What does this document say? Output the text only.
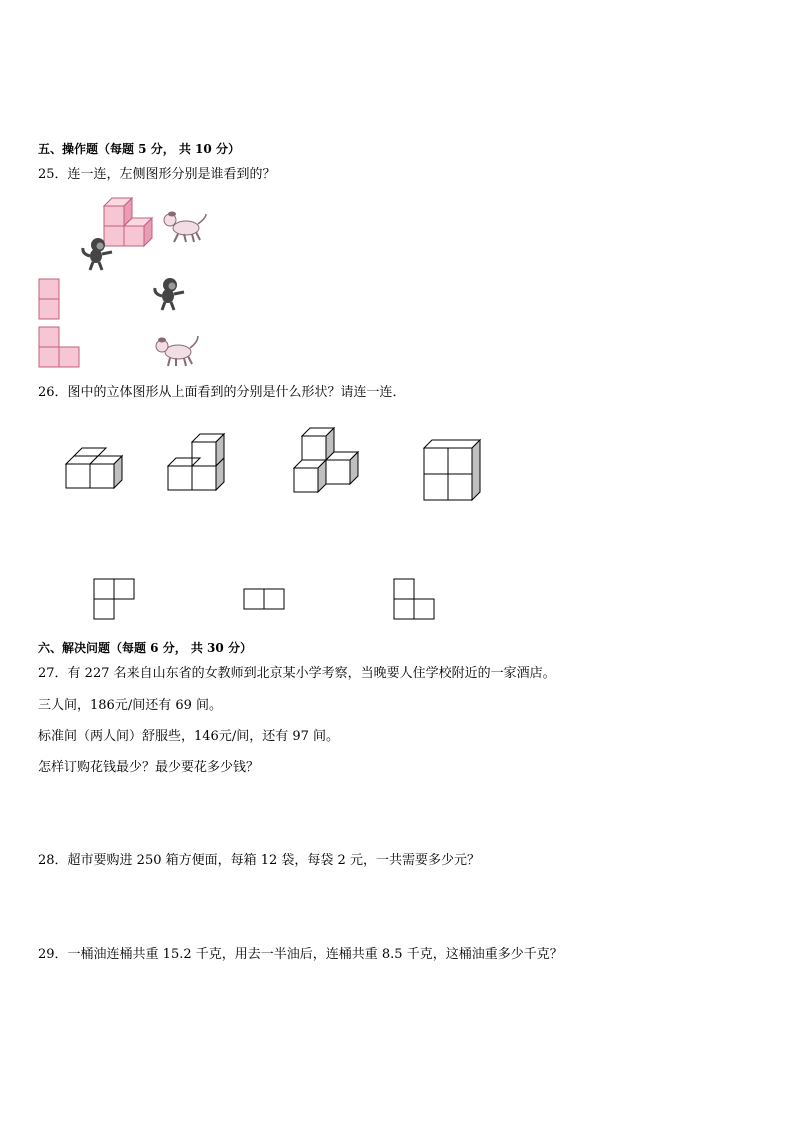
五、操作题（每题 5 分， 共 10 分）
25．连一连，左侧图形分别是谁看到的？
26．图中的立体图形从上面看到的分别是什么形状？请连一连．
六、解决问题（每题 6 分， 共 30 分）
27．有 227 名来自山东省的女教师到北京某小学考察，当晚要人住学校附近的一家酒店。
三人间，186元/间还有 69 间。
标准间（两人间）舒服些，146元/间，还有 97 间。
怎样订购花钱最少？最少要花多少钱？
28．超市要购进 250 箱方便面，每箱 12 袋，每袋 2 元，一共需要多少元？
29．一桶油连桶共重 15.2 千克，用去一半油后，连桶共重 8.5 千克，这桶油重多少千克？
